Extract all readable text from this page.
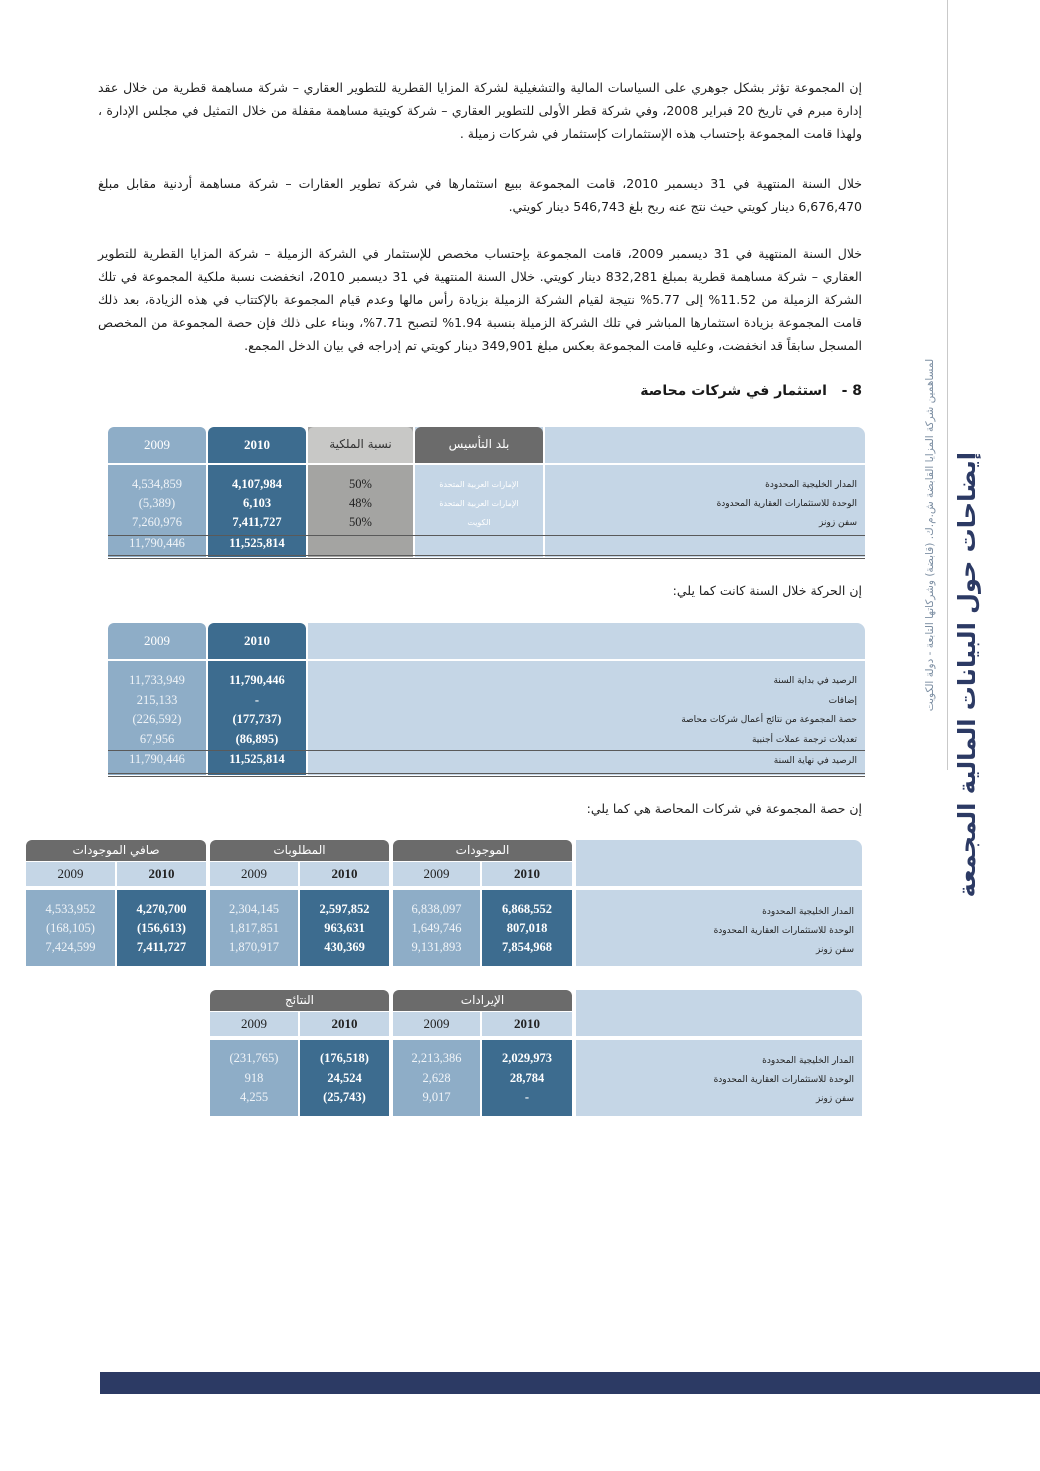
إن المجموعة تؤثر بشكل جوهري على السياسات المالية والتشغيلية لشركة المزايا القطرية للتطوير العقاري – شركة مساهمة قطرية من خلال عقد إدارة مبرم في تاريخ 20 فبراير 2008، وفي شركة قطر الأولى للتطوير العقاري – شركة كويتية مساهمة مقفلة من خلال التمثيل في مجلس الإدارة ، ولهذا قامت المجموعة بإحتساب هذه الإستثمارات كإستثمار في شركات زميلة .
خلال السنة المنتهية في 31 ديسمبر 2010، قامت المجموعة ببيع استثمارها في شركة تطوير العقارات – شركة مساهمة أردنية مقابل مبلغ 6,676,470 دينار كويتي حيث نتج عنه ربح بلغ 546,743 دينار كويتي.
خلال السنة المنتهية في 31 ديسمبر 2009، قامت المجموعة بإحتساب مخصص للإستثمار في الشركة الزميلة – شركة المزايا القطرية للتطوير العقاري – شركة مساهمة قطرية بمبلغ 832,281 دينار كويتي. خلال السنة المنتهية في 31 ديسمبر 2010، انخفضت نسبة ملكية المجموعة في تلك الشركة الزميلة من 11.52% إلى 5.77% نتيجة لقيام الشركة الزميلة بزيادة رأس مالها وعدم قيام المجموعة بالإكتتاب في هذه الزيادة، بعد ذلك قامت المجموعة بزيادة استثمارها المباشر في تلك الشركة الزميلة بنسبة 1.94% لتصبح 7.71%، وبناء على ذلك فإن حصة المجموعة من المخصص المسجل سابقاً قد انخفضت، وعليه قامت المجموعة بعكس مبلغ 349,901 دينار كويتي تم إدراجه في بيان الدخل المجمع.
8 -   استثمار في شركات محاصة
بلد التأسيس
نسبة الملكية
2010
2009
المدار الخليجية المحدودة
الوحدة للاستثمارات العقارية المحدودة
سفن زونز
الإمارات العربية المتحدة
الإمارات العربية المتحدة
الكويت
50%
48%
50%
4,107,984
6,103
7,411,727
4,534,859
(5,389)
7,260,976
11,525,814
11,790,446
إن الحركة خلال السنة كانت كما يلي:
2010
2009
الرصيد في بداية السنة
إضافات
حصة المجموعة من نتائج أعمال شركات محاصة
تعديلات ترجمة عملات أجنبية
11,790,446
-
(177,737)
(86,895)
11,733,949
215,133
(226,592)
67,956
الرصيد في نهاية السنة
11,525,814
11,790,446
إن حصة المجموعة في شركات المحاصة هي كما يلي:
الموجودات
المطلوبات
صافي الموجودات
2010
2009
2010
2009
2010
2009
المدار الخليجية المحدودة
الوحدة للاستثمارات العقارية المحدودة
سفن زونز
6,868,552
807,018
7,854,968
6,838,097
1,649,746
9,131,893
2,597,852
963,631
430,369
2,304,145
1,817,851
1,870,917
4,270,700
(156,613)
7,411,727
4,533,952
(168,105)
7,424,599
الإيرادات
النتائج
2010
2009
2010
2009
المدار الخليجية المحدودة
الوحدة للاستثمارات العقارية المحدودة
سفن زونز
2,029,973
28,784
-
2,213,386
2,628
9,017
(176,518)
24,524
(25,743)
(231,765)
918
4,255
لمساهمين شركة المزايا القابضة ش.م.ك. (قابضة) وشركاتها التابعة - دولة الكويت إيضاحات حول البيانات المالية المجمعة
